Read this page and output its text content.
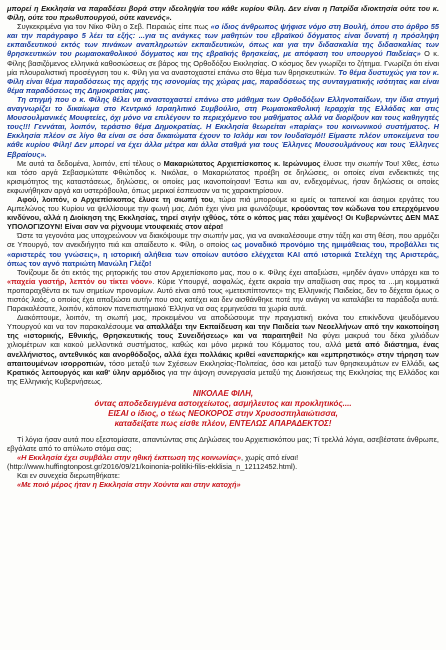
μπορεί η Εκκλησία να παραδέσει βορά στην ιδεοληψία του κάθε κυρίου Φίλη. Δεν είναι η Πατρίδα ιδιοκτησία ούτε του κ. Φίλη, ούτε του πρωθυπουργού, ούτε κανενός».

Συγκεκριμένα για τον Νίκο Φίλη ο Σεβ. Πειραιώς είπε πως «ο ίδιος άνθρωπος ψήφισε νόμο στη Βουλή, όπου στο άρθρο 55 και την παράγραφο 5 λέει τα εξής: ...για τις ανάγκες των μαθητών του εβραϊκού δόγματος είναι δυνατή η πρόσληψη εκπαιδευτικού εκτός των πινάκων αναπληρωτών εκπαιδευτικών, όπως και για την διδασκαλία της διδασκαλίας των θρησκευτικών του ρωμαιοκαθολικού δόγματος και της εβραϊκής θρησκείας, με απόφαση του υπουργού Παιδείας» Ο κ. Φίλης βασιζόμενος ελληνικά καθοσιώσεως σε βάρος της Ορθοδόξου Εκκλησίας. Ο κόσμος δεν γνωρίζει το ζήτημα. Γνωρίζει ότι είναι μία πλουραλιστική προσέγγιση του κ. Φίλη για να αναστοχαστεί επάνω στο θέμα των θρησκευτικών. Το θέμα δυστυχώς για τον κ. Φίλη είναι θέμα παραδόσεως της αρχής της ισονομίας της χώρας μας, παραδόσεως της συνταγματικής ισότητας και είναι θέμα παραδόσεως της Δημοκρατίας μας.

Τη στιγμή που ο κ. Φίλης θέλει να αναστοχαστεί επάνω στο μάθημα των Ορθοδόξων Ελληνοπαίδων, την ίδια στιγμή αναγνωρίζει το δικαίωμα στο Κεντρικό Ισραηλιτικό Συμβούλιο, στη Ρωμαιοκαθολική Ιεραρχία της Ελλάδας και στις Μουσουλμανικές Μουφτείες, όχι μόνο να επιλέγουν το περιεχόμενο του μαθήματος αλλά να διορίζουν και τους καθηγητές τους!!! Γεννάται, λοιπόν, τεράστιο θέμα Δημοκρατίας. Η Εκκλησία θεωρείται «παρίας» του κοινωνικού συστήματος. Η Εκκλησία πλέον σε λίγο θα είναι σε όσα δικαιώματα έχουν το Ισλάμ και τον Ιουδαϊσμό!! Είμαστε πλέον υποκείμενα του κάθε κυρίου Φίλη! Δεν μπορεί να έχει άλλα μέτρα και άλλα σταθμά για τους Έλληνες Μουσουλμάνους και τους Έλληνες Εβραίους».

Με αυτά τα δεδομένα, λοιπόν, επί τέλους ο Μακαριώτατος Αρχιεπίσκοπος κ. Ιερώνυμος έλυσε την σιωπήν Του! Χθες, έστω και τόσο αργά Σεβασμιώτατε Φθιώτιδος κ. Νικόλαε, ο Μακαριώτατος προέβη σε δηλώσεις, οι οποίες είναι ενδεικτικές της κρισιμότητος της καταστάσεως, δηλώσεις, οι οποίες μας ικανοποίησαν! Έστω και αν, ενδεχομένως, ήσαν δηλώσεις οι οποίες εκφωνήθηκαν αργά και υστερόβουλα, όπως μερικοί έσπευσαν να τις χαρακτηρίσουν.

Αφού, λοιπόν, ο Αρχιεπίσκοπος έλυσε τη σιωπή του, τώρα πιά μπορούμε κι εμείς οι ταπεινοί και άσημοι εργάτες του Αμπελώνος του Κυρίου να ψελλίσουμε την φωνή μας. Διότι έχει γίνει μια φωνάζουμε, κρούοντας τον κώδωνα του επερχόμενου κινδύνου, αλλά η Διοίκηση της Εκκλησίας, τηρεί σιγήν ιχθύος, τότε ο κόπος μας πάει χαμένος! Οι Κυβερνώντες ΔΕΝ ΜΑΣ ΥΠΟΛΟΓΙΖΟΥΝ! Είναι σαν να ρίχνουμε ντουφεκιές στον αέρα!

Ώστε τα γεγονότα μας υποχρεώνουν να διακόψουμε την σιωπήν μας, για να ανακαλέσουμε στην τάξη και στη θέση, που αρμόζει σε Υπουργό, τον ανεκδιήγητο πιά και απαίδευτο κ. Φίλη, ο οποίος ως μοναδικό προνόμιο της ημιμάθειας του, προβάλλει τις «αριστερές του γνώσεις», η ιστορική αλήθεια των οποίων αυτόσο ελέγχεται ΚΑΙ από ιστορικά Στελέχη της Αριστεράς, όπως τον αγνό πατριώτη Μανώλη Γλέζο!

Τονίζουμε δε ότι εκτός της ρητορικής του στον Αρχιεπίσκοπο μας, που ο κ. Φίλης έχει απαξιώσει, «μηδέν άγαν» υπάρχει και το «παχεία γαστήρ, λεπτόν ου τίκτει νόον». Κύριε Υπουργέ, ασφαλώς, έχετε ακραία την απαξίωση σας προς τα ...μη κομματικά προπαραχθέντα εκ των σημείων προνομίων. Αυτό είναι από τους «μετεκπίπτοντες» της Ελληνικής Παιδείας, δεν το δέχεται όμως ο πιστός λαός, ο οποίος έχει απαξιώσει αυτήν που σας κατέχει και δεν αισθάνθηκε ποτέ την ανάγκη να καταλάβει τα παράδοξα αυτά. Παρακαλέσατε, λοιπόν, κάποιον πανεπιστημιακό Έλληνα να σας ερμηνεύσει τα χωρία αυτά.

Διακόπτουμε, λοιπόν, τη σιωπή μας, προκειμένου να αποδώσουμε την πραγματική εικόνα του επικίνδυνα ψευδόμενου Υπουργού και να τον παρακαλέσουμε να απαλλάξει την Εκπαίδευση και την Παιδεία των Νεοελλήνων από την κακοποίηση της «ιστορικής, Εθνικής, Θρησκευτικής τους Συνειδήσεως» και να παραιτηθεί! Να φύγει μακρυά του δέκα χιλιάδων χιλιομέτρων και κακού μελλοντικά συστήματος, καθώς και μόνο μερικά του Κόμματος του, αλλά μετά από διάστημα, ένας ανελλήνιστος, αντεθνικός και ανορθόδοξος, αλλά έχει πολλάκις κριθεί «ανεπαρκής» και «εμπρηστικός» στην τήρηση των απαιτουμένων ισορροπιών, τόσο μεταξύ των Σχέσεων Εκκλησίας-Πολιτείας, όσο και μεταξύ των θρησκευμάτων εν Ελλάδι, ως Κρατικός λειτουργός και καθ' ύλην αρμόδιος για την άψογη συνεργασία μεταξύ της Διοικήσεως της Εκκλησίας της Ελλάδος και της Ελληνικής Κυβερνήσεως.

ΝΙΚΟΛΑΕ ΦΙΛΗ,

όντας αποδεδειγμένα αστοιχείωτος, ασμήλευτος και προκλητικός....

ΕΙΣΑΙ ο ίδιος, ο τέως ΝΕΟΚΟΡΟΣ στην Χρυσοσπηλαιώτισσα,

καταδείξατε πως είσθε πλέον, ΕΝΤΕΛΩΣ ΑΠΑΡΑΔΕΚΤΟΣ!

Τί λόγια ήσαν αυτά που εξεστομίσατε, απαντώντας στις Δηλώσεις του Αρχιεπισκόπου μας; Τί τρελλά λόγια, ασεβέστατε άνθρωπε, εβγάλατε από το απύλωτο στόμα σας;

«Η Εκκλησία έχει συμβάλει στην ηθική έκπτωση της κοινωνίας», χωρίς από είναι!

(http://www.huffingtonpost.gr/2016/09/21/koinonia-politiki-filis-ekklisia_n_12112452.html).

Και εν συνεχεία διερωτηθήκατε:

«Με ποιό μέρος ήταν η Εκκλησία στην Χούντα και στην κατοχή»
